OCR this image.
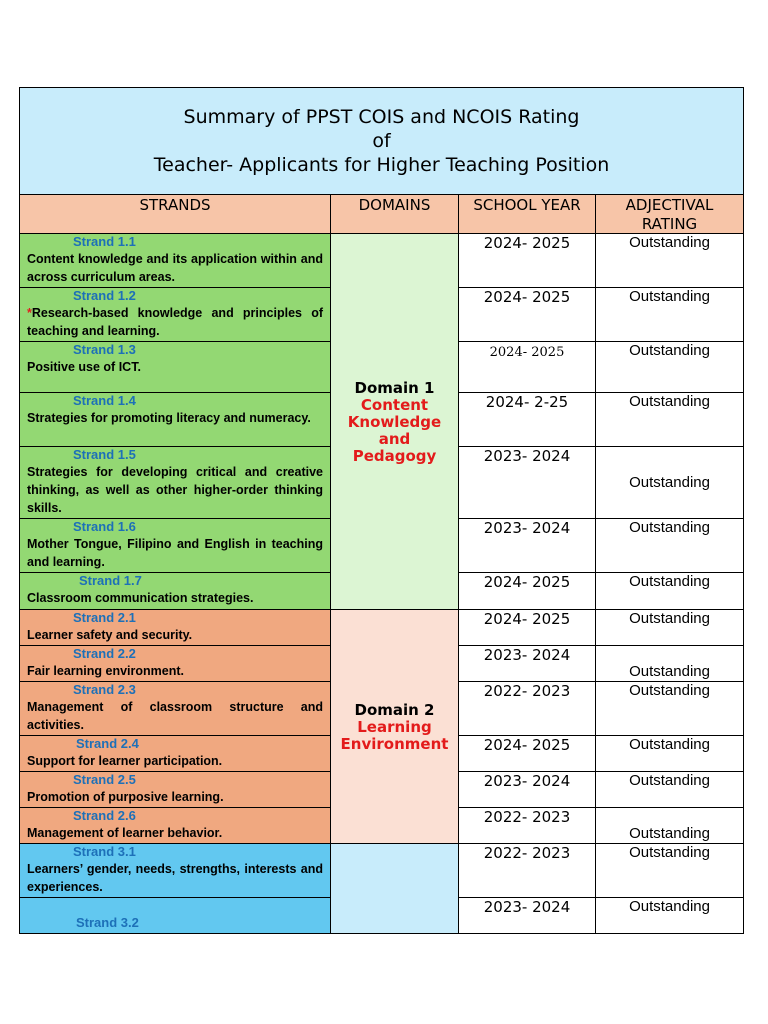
Summary of PPST COIS and NCOIS Rating
of
Teacher- Applicants for Higher Teaching Position			

STRANDS	DOMAINS	SCHOOL YEAR	ADJECTIVAL
RATING

Strand 1.1
Content knowledge and its application within and across curriculum areas.	Domain 1
Content
Knowledge
and
Pedagogy	2024- 2025	Outstanding

Strand 1.2
*Research-based knowledge and principles of teaching and learning.		2024- 2025	Outstanding

Strand 1.3
Positive use of ICT.		2024- 2025	Outstanding

Strand 1.4
Strategies for promoting literacy and numeracy.		2024- 2-25	Outstanding

Strand 1.5
Strategies for developing critical and creative thinking, as well as other higher-order thinking skills.		2023- 2024	Outstanding

Strand 1.6
Mother Tongue, Filipino and English in teaching and learning.		2023- 2024	Outstanding

Strand 1.7
Classroom communication strategies.		2024- 2025	Outstanding

Strand 2.1
Learner safety and security.	Domain 2
Learning
Environment	2024- 2025	Outstanding

Strand 2.2
Fair learning environment.		2023- 2024	Outstanding

Strand 2.3
Management of classroom structure and activities.		2022- 2023	Outstanding

Strand 2.4
Support for learner participation.		2024- 2025	Outstanding

Strand 2.5
Promotion of purposive learning.		2023- 2024	Outstanding

Strand 2.6
Management of learner behavior.		2022- 2023	Outstanding

Strand 3.1
Learners’ gender, needs, strengths, interests and experiences.		2022- 2023	Outstanding

Strand 3.2		2023- 2024	Outstanding
